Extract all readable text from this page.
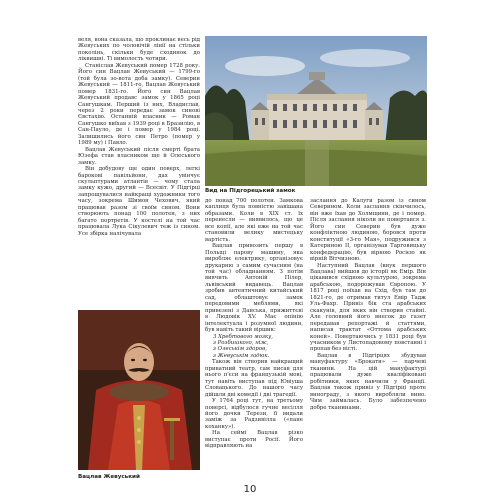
веля, вона сказала, що проклинає весь рід Жевуських по чоловічій лінії на стільки поколінь, скільки буде сходинок до ліквишні. Ті вимолость чотири.

Станіслав Жевуський помер 1728 року. Його син Вацлав Жевуський — 1799-го (той була зо-вота доба замку). Северин Жевуський — 1811-го, Вацлав Жевуський помер 1831-го. Його син Вацлав Жевуський продавс замок у 1865 році Сангушкам. Перший із них, Владислав, через 2 роки передає замок синові Євстахію. Останній власник — Роман Сангушко виїхав з 1939 році в Бразилію, в Сан-Пауло, де і помер у 1984 році. Залишились його син Петро (помер у 1989 му) і Павло.

Вацлав Жевуський після смерті брата Юзефа став власником ще й Олеського замку.

Він добудову ще один поверх, легкі барокові павільйони, дах увінчує скульптурами атлантів — чому стала замку кужо, другий — Всесвіт. У Підгірці запрошувалися найкращі художники того часу, зокрема Шимон Чехович, який працював разом зі своїм сином. Вони створюють понад 100 полотен, з них багато портретів. У костелі на той час працювала Лука Сікулевич теж із сином. Усе збірка налічувала

Вид на Підгорецький замок
Вацлав Жевуський

до понад 700 полотен. Замкова каплиця була повністю завішана образами. Коли в XIX ст. їх перенесли — виявилось, що це все копії, але які вже на той час становили велику мистецьку вартість.

Вацлав привозить першу в Польщі парову машину, яка виробляє електрику, організовує друкарню з самим сучасним (на той час) обладнанням. З потім вивчить Антоній Пілер, львівський видавець. Вацлав зробив автентичний китайський сад, облаштовує замок передовими меблями, які привезені з Данська, прижиттєві в Людовік XV. Має опінію інтелектуала і розумної людини, був навіть такий віршик:

З Хребтового мозку,

з Розбишкого, ніж,

з Олеськім здоров,

з Жевуськім гадюк.

Також він створив найкращий приватний театр, сам писав для нього п'єси на французькій мові, тут навіть виступав під Ювіуша Словацького. До нашого часу дійшли дві комедії і дві трагедії.

У 1764 році тут, на третьому поверсі, відбулося гучне весілля його дочки Терези, її видали заміж за Радзивілла («пане коханку»).

На сеймі Вацлав різко виступає проти Росії. Його відправляють на

заслання до Калуги разом із сином Северином. Коли заслання скінчилось, він вже їхав до Холмщини, де і помер. Після заслання ніколи не повертався з. Його син Северин був дуже конфліктною людиною, боровся проти конституції «3-го Мая», подружився з Катериною II, організував Тарговицьку конфедерацію, був вірною Росією як вірній Вітчизною.

Наступний Вацлав (внук першого Вацлава) вийшов до історії як Емір. Він цікавився східною культурою, зокрема арабською, подорожував Європою. У 1817 році поїхав на Схід, був там до 1821-го, де отримав титул Емір Тадж Уль-Фахр. Привіз бік ста арабських скакунів, для яких він створив стайні. Але головний його внесок до газет передавав репортажі й статтями, написав трактат «Оттома арабських коней». Повертаючись у 1831 році був учасником у Листопадовому повстанні і пропав без вісті.

Вацлав в Підгірцях збудував мануфактуру «Брокати» — парчеві тканини. На цій мануфактурі працювали дуже кваліфіковані робітники, яких навчили у Франції. Вацлав також привіз у Підгірці проте винограду, з якого виробляли вино. Чим займалась. Було забезпечено добре тканинами.

10
